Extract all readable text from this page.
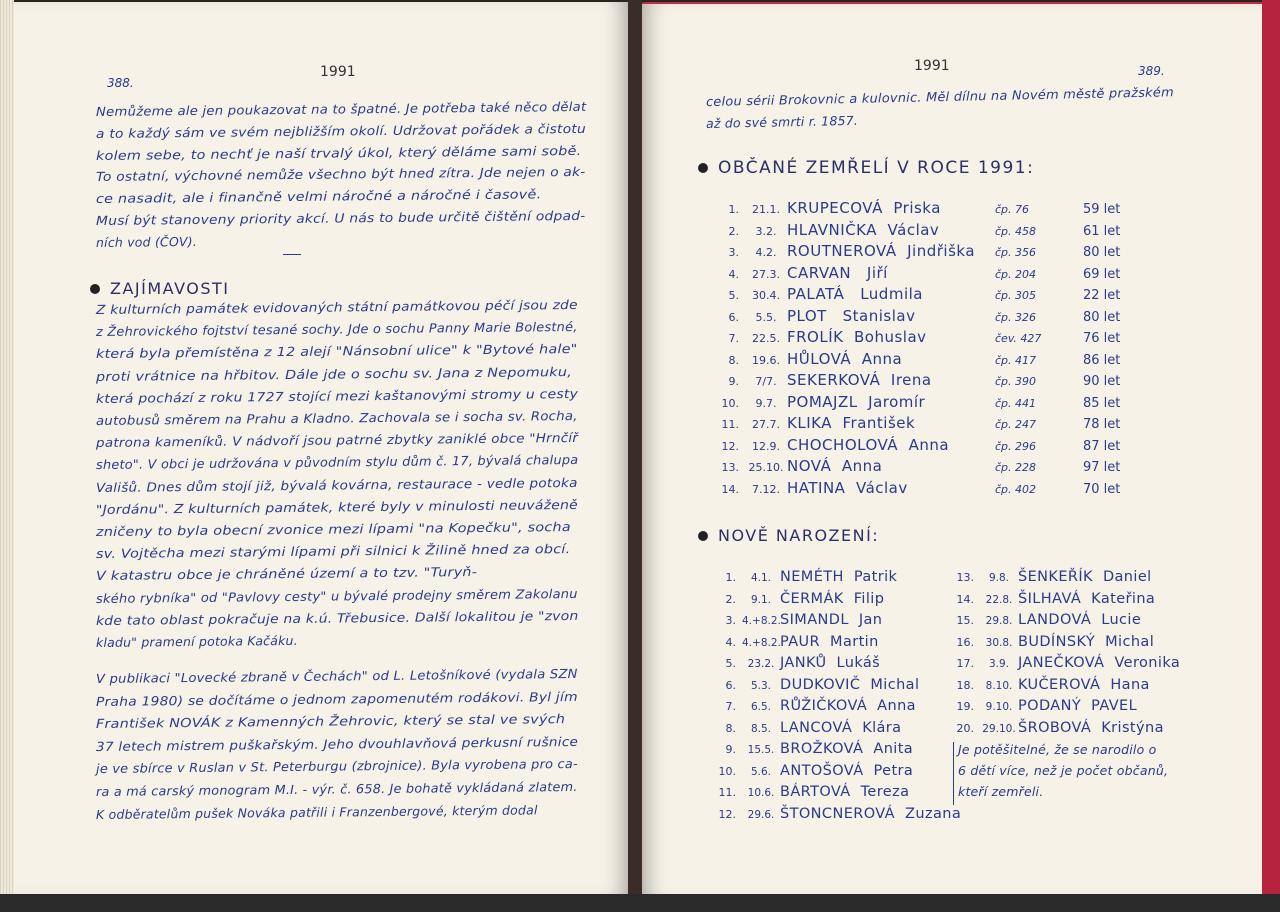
388.
1991
Nemůžeme ale jen poukazovat na to špatné. Je potřeba také něco dělat
a to každý sám ve svém nejbližším okolí. Udržovat pořádek a čistotu
kolem sebe, to nechť je naší trvalý úkol, který děláme sami sobě.
To ostatní, výchovné nemůže všechno být hned zítra. Jde nejen o ak-
ce nasadit, ale i finančně velmi náročné a náročné i časově.
Musí být stanoveny priority akcí. U nás to bude určitě čištění odpad-
ních vod (ČOV).
Z kulturních památek evidovaných státní památkovou péčí jsou zde
z Žehrovického fojtství tesané sochy. Jde o sochu Panny Marie Bolestné,
která byla přemístěna z 12 alejí "Nánsobní ulice" k "Bytové hale"
proti vrátnice na hřbitov. Dále jde o sochu sv. Jana z Nepomuku,
která pochází z roku 1727 stojící mezi kaštanovými stromy u cesty
autobusů směrem na Prahu a Kladno. Zachovala se i socha sv. Rocha,
patrona kameníků. V nádvoří jsou patrné zbytky zaniklé obce "Hrnčíř
sheto". V obci je udržována v původním stylu dům č. 17, bývalá chalupa
Vališů. Dnes dům stojí již, bývalá kovárna, restaurace - vedle potoka
"Jordánu". Z kulturních památek, které byly v minulosti neuváženě
zničeny to byla obecní zvonice mezi lípami "na Kopečku", socha
sv. Vojtěcha mezi starými lípami při silnici k Žilině hned za obcí.
V katastru obce je chráněné území a to tzv. "Turyň-
ského rybníka" od "Pavlovy cesty" u bývalé prodejny směrem Zakolanu
kde tato oblast pokračuje na k.ú. Třebusice. Další lokalitou je "zvon
kladu" pramení potoka Kačáku.
V publikaci "Lovecké zbraně v Čechách" od L. Letošníkové (vydala SZN
Praha 1980) se dočítáme o jednom zapomenutém rodákovi. Byl jím
František NOVÁK z Kamenných Žehrovic, který se stal ve svých
37 letech mistrem puškařským. Jeho dvouhlavňová perkusní rušnice
je ve sbírce v Ruslan v St. Peterburgu (zbrojnice). Byla vyrobena pro ca-
ra a má carský monogram M.I. - výr. č. 658. Je bohatě vykládaná zlatem.
K odběratelům pušek Nováka patřili i Franzenbergové, kterým dodal
ZAJÍMAVOSTI
1991	389.
celou sérii Brokovnic a kulovnic. Měl dílnu na Novém městě pražském
až do své smrti r. 1857.
OBČANÉ ZEMŘELÍ V ROCE 1991:
1.	21.1. KRUPECOVÁ  Priska	čp. 76	59 let
2.	3.2. HLAVNIČKA  Václav	čp. 458	61 let
3.	4.2. ROUTNEROVÁ  Jindřiška	čp. 356	80 let
4.	27.3. CARVAN   Jiří	čp. 204	69 let
5.	30.4. PALATÁ   Ludmila	čp. 305	22 let
6.	5.5. PLOT   Stanislav	čp. 326	80 let
7.	22.5. FROLÍK  Bohuslav	čev. 427	76 let
8.	19.6. HŮLOVÁ  Anna	čp. 417	86 let
9.	7/7. SEKERKOVÁ  Irena	čp. 390	90 let
10.	9.7. POMAJZL  Jaromír	čp. 441	85 let
11.	27.7. KLIKA  František	čp. 247	78 let
12.	12.9. CHOCHOLOVÁ  Anna	čp. 296	87 let
13. 25.10. NOVÁ  Anna	čp. 228	97 let
14.	7.12. HATINA  Václav	čp. 402	70 let
NOVĚ NAROZENÍ:
1.	4.1. NEMÉTH  Patrik
2.	9.1. ČERMÁK  Filip
3. 4.+8.2. SIMANDL  Jan
4. 4.+8.2. PAUR  Martin
5.	23.2. JANKŮ  Lukáš
6.	5.3. DUDKOVIČ  Michal
7.	6.5. RŮŽIČKOVÁ  Anna
8.	8.5. LANCOVÁ  Klára
9.	15.5. BROŽKOVÁ  Anita
10.	5.6. ANTOŠOVÁ  Petra
11.	10.6. BÁRTOVÁ  Tereza
12.	29.6. ŠTONCNEROVÁ  Zuzana
13.	9.8. ŠENKEŘÍK  Daniel
14.	22.8. ŠILHAVÁ  Kateřina
15.	29.8. LANDOVÁ  Lucie
16.	30.8. BUDÍNSKÝ  Michal
17.	3.9. JANEČKOVÁ  Veronika
18.	8.10. KUČEROVÁ  Hana
19.	9.10. PODANÝ  PAVEL
20. 29.10. ŠROBOVÁ  Kristýna
Je potěšitelné, že se narodilo o
6 dětí více, než je počet občanů,
kteří zemřeli.
